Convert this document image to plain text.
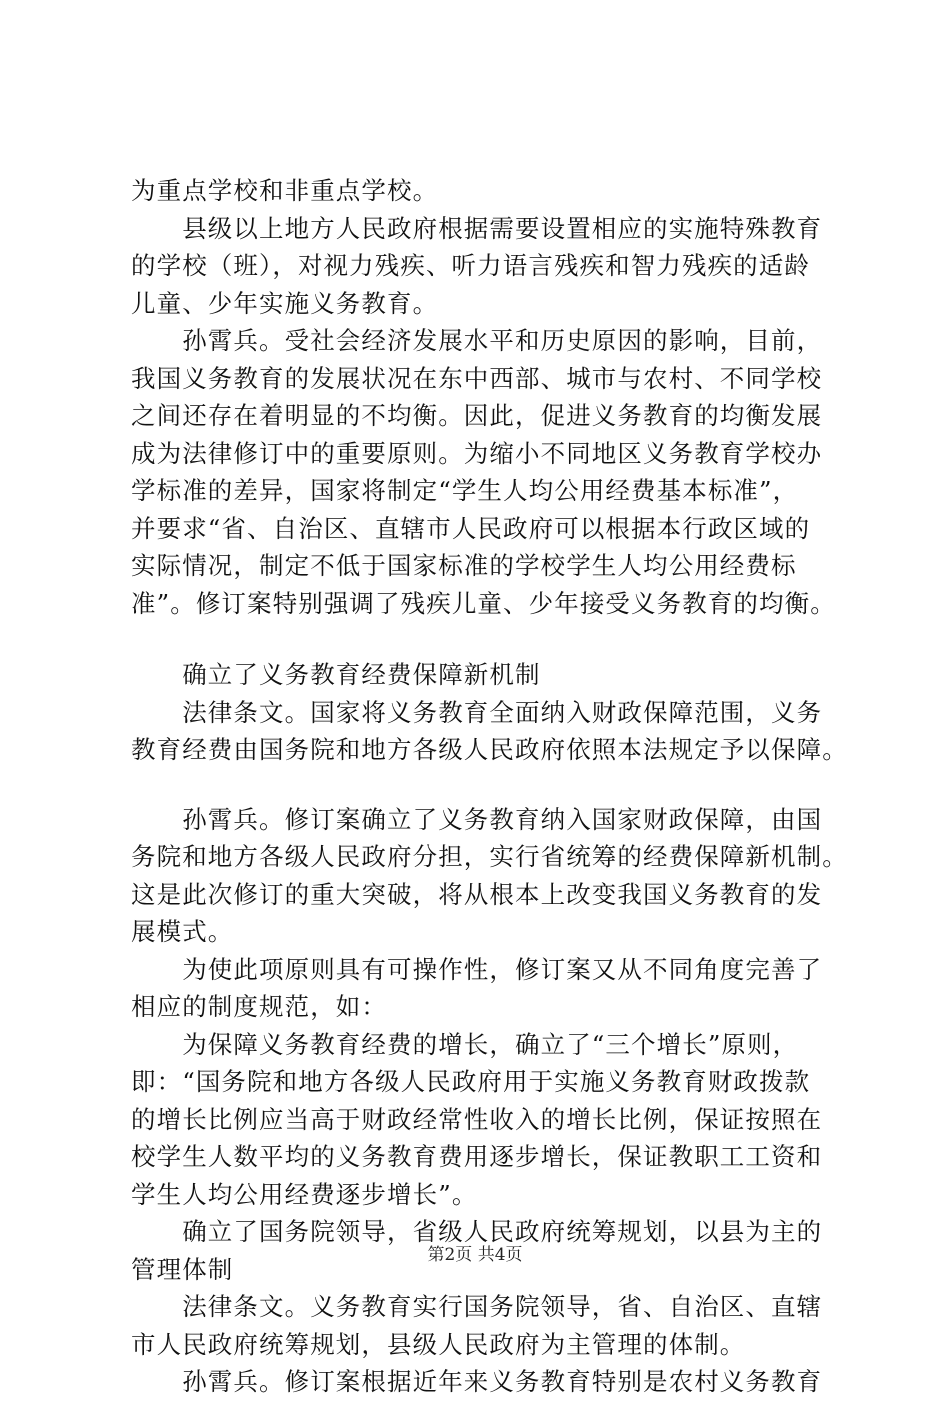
为重点学校和非重点学校。
　　县级以上地方人民政府根据需要设置相应的实施特殊教育
的学校（班），对视力残疾、听力语言残疾和智力残疾的适龄
儿童、少年实施义务教育。
　　孙霄兵。受社会经济发展水平和历史原因的影响，目前，
我国义务教育的发展状况在东中西部、城市与农村、不同学校
之间还存在着明显的不均衡。因此，促进义务教育的均衡发展
成为法律修订中的重要原则。为缩小不同地区义务教育学校办
学标准的差异，国家将制定“学生人均公用经费基本标准”，
并要求“省、自治区、直辖市人民政府可以根据本行政区域的
实际情况，制定不低于国家标准的学校学生人均公用经费标
准”。修订案特别强调了残疾儿童、少年接受义务教育的均衡。
　　确立了义务教育经费保障新机制
　　法律条文。国家将义务教育全面纳入财政保障范围，义务
教育经费由国务院和地方各级人民政府依照本法规定予以保障。
　　孙霄兵。修订案确立了义务教育纳入国家财政保障，由国
务院和地方各级人民政府分担，实行省统筹的经费保障新机制。
这是此次修订的重大突破，将从根本上改变我国义务教育的发
展模式。
　　为使此项原则具有可操作性，修订案又从不同角度完善了
相应的制度规范，如：
　　为保障义务教育经费的增长，确立了“三个增长”原则，
即：“国务院和地方各级人民政府用于实施义务教育财政拨款
的增长比例应当高于财政经常性收入的增长比例，保证按照在
校学生人数平均的义务教育费用逐步增长，保证教职工工资和
学生人均公用经费逐步增长”。
　　确立了国务院领导，省级人民政府统筹规划，以县为主的
管理体制
　　法律条文。义务教育实行国务院领导，省、自治区、直辖
市人民政府统筹规划，县级人民政府为主管理的体制。
　　孙霄兵。修订案根据近年来义务教育特别是农村义务教育
第2页 共4页
